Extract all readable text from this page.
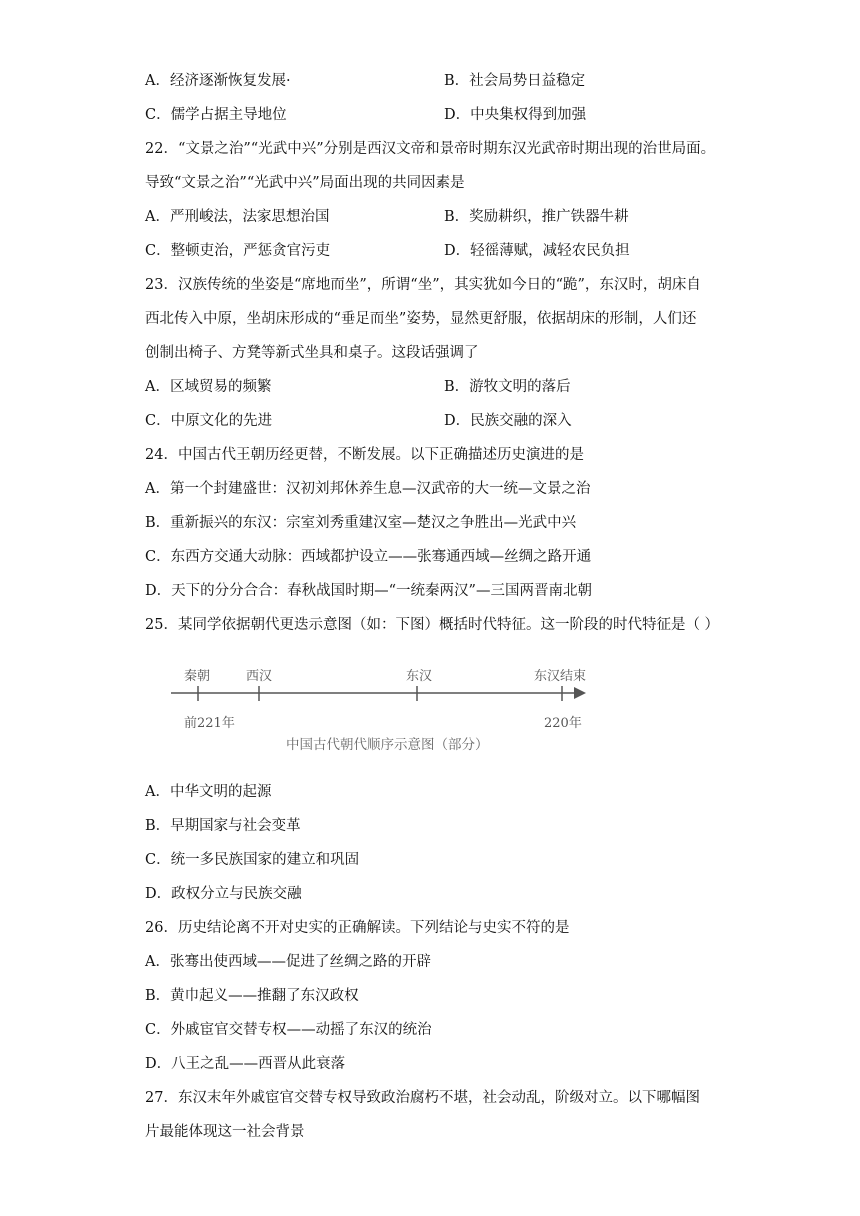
A．经济逐渐恢复发展·	B．社会局势日益稳定
C．儒学占据主导地位	D．中央集权得到加强
22．“文景之治”“光武中兴”分别是西汉文帝和景帝时期东汉光武帝时期出现的治世局面。
导致“文景之治”“光武中兴”局面出现的共同因素是
A．严刑峻法，法家思想治国	B．奖励耕织，推广铁器牛耕
C．整顿吏治，严惩贪官污吏	D．轻徭薄赋，减轻农民负担
23．汉族传统的坐姿是“席地而坐”，所谓“坐”，其实犹如今日的“跪”，东汉时，胡床自
西北传入中原，坐胡床形成的“垂足而坐”姿势，显然更舒服，依据胡床的形制，人们还
创制出椅子、方凳等新式坐具和桌子。这段话强调了
A．区域贸易的频繁	B．游牧文明的落后
C．中原文化的先进	D．民族交融的深入
24．中国古代王朝历经更替，不断发展。以下正确描述历史演进的是
A．第一个封建盛世：汉初刘邦休养生息—汉武帝的大一统—文景之治
B．重新振兴的东汉：宗室刘秀重建汉室—楚汉之争胜出—光武中兴
C．东西方交通大动脉：西域都护设立——张骞通西域—丝绸之路开通
D．天下的分分合合：春秋战国时期—“一统秦两汉”—三国两晋南北朝
25．某同学依据朝代更迭示意图（如：下图）概括时代特征。这一阶段的时代特征是（ ）
秦朝	西汉	东汉	东汉结束
前221年	220年
中国古代朝代顺序示意图（部分）
A．中华文明的起源
B．早期国家与社会变革
C．统一多民族国家的建立和巩固
D．政权分立与民族交融
26．历史结论离不开对史实的正确解读。下列结论与史实不符的是
A．张骞出使西域——促进了丝绸之路的开辟
B．黄巾起义——推翻了东汉政权
C．外戚宦官交替专权——动摇了东汉的统治
D．八王之乱——西晋从此衰落
27．东汉末年外戚宦官交替专权导致政治腐朽不堪，社会动乱，阶级对立。以下哪幅图
片最能体现这一社会背景
